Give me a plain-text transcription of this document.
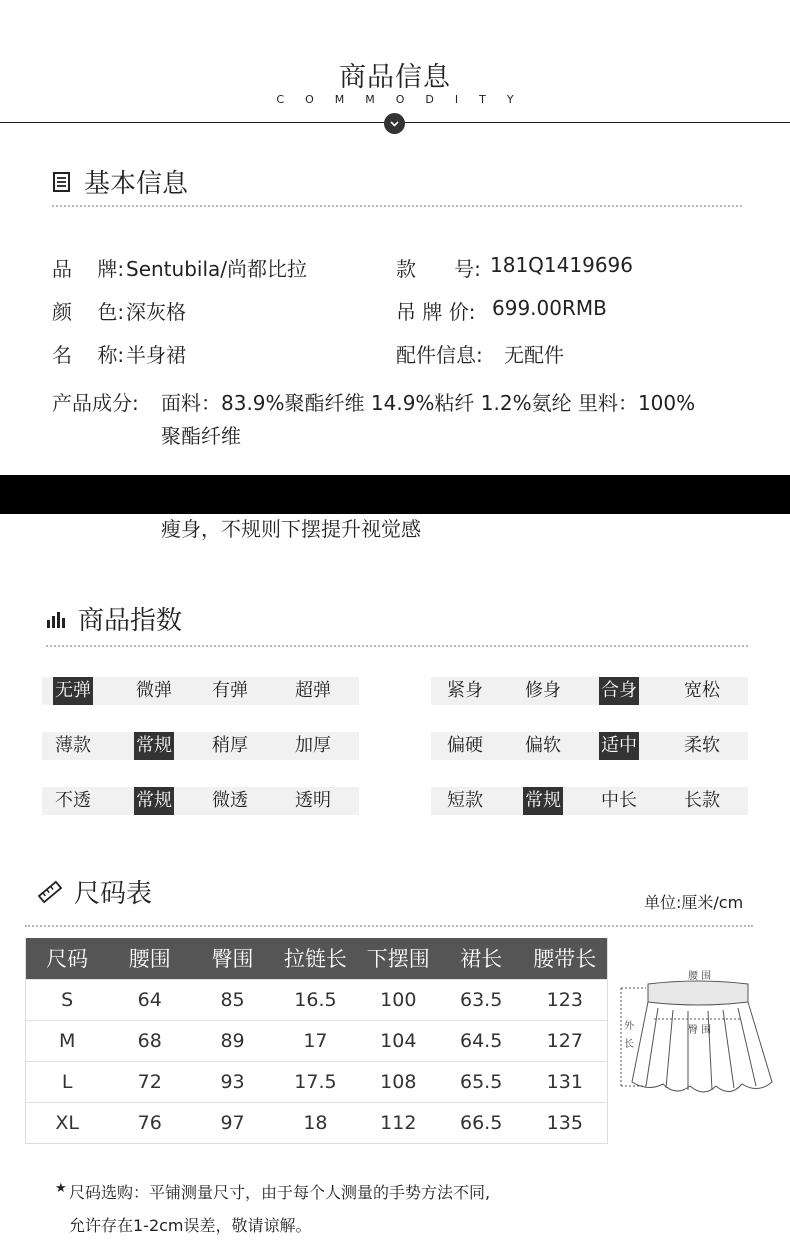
商品信息
COMMODITY
基本信息
品    牌: Sentubila/尚都比拉	款      号: 181Q1419696
颜    色: 深灰格	吊 牌 价: 699.00RMB
名    称: 半身裙	配件信息: 无配件
产品成分: 面料：83.9%聚酯纤维 14.9%粘纤 1.2%氨纶 里料：100%
聚酯纤维
瘦身，不规则下摆提升视觉感
商品指数
无弹	微弹 有弹	超弹	紧身 修身 合身	宽松
薄款	常规 稍厚	加厚	偏硬 偏软 适中	柔软
不透	常规 微透	透明	短款 常规 中长	长款
尺码表	单位:厘米/cm
尺码	腰围	臀围	拉链长	下摆围	裙长	腰带长
S	64	85	16.5	100	63.5	123
M	68	89	17	104	64.5	127
L	72	93	17.5	108	65.5	131
XL	76	97	18	112	66.5	135
腰 围
臀 围
外
长
★ 尺码选购：平铺测量尺寸，由于每个人测量的手势方法不同,
允许存在1-2cm误差，敬请谅解。
